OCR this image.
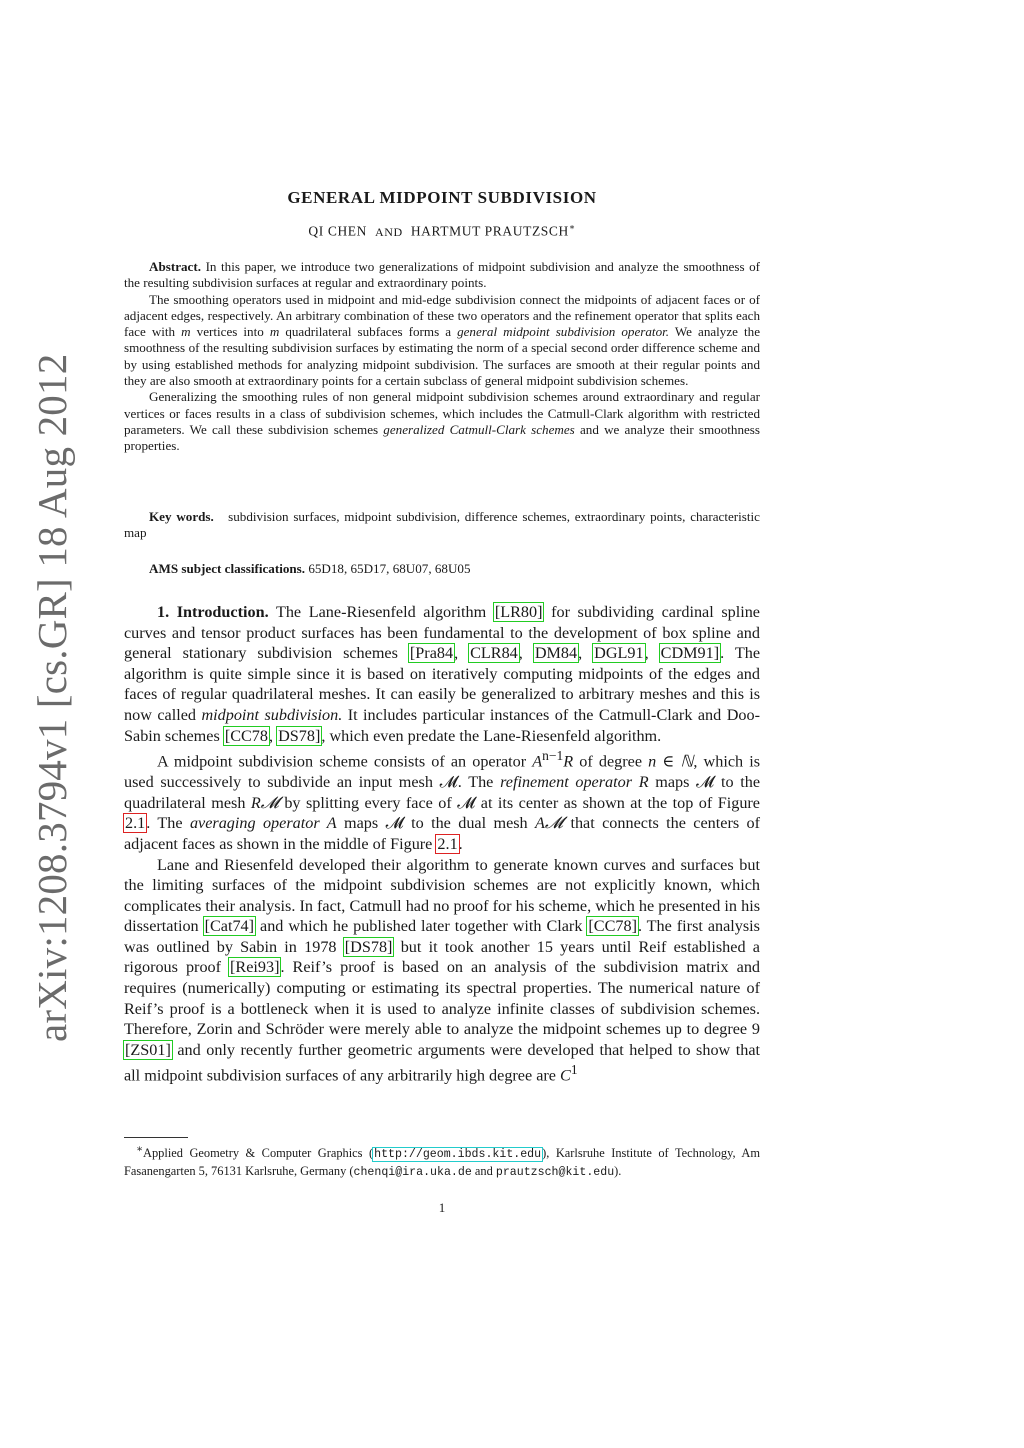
arXiv:1208.3794v1 [cs.GR] 18 Aug 2012
GENERAL MIDPOINT SUBDIVISION
QI CHEN AND HARTMUT PRAUTZSCH∗

Abstract. In this paper, we introduce two generalizations of midpoint subdivision and analyze the smoothness of the resulting subdivision surfaces at regular and extraordinary points.

The smoothing operators used in midpoint and mid-edge subdivision connect the midpoints of adjacent faces or of adjacent edges, respectively. An arbitrary combination of these two operators and the refinement operator that splits each face with m vertices into m quadrilateral subfaces forms a general midpoint subdivision operator. We analyze the smoothness of the resulting subdivision surfaces by estimating the norm of a special second order difference scheme and by using established methods for analyzing midpoint subdivision. The surfaces are smooth at their regular points and they are also smooth at extraordinary points for a certain subclass of general midpoint subdivision schemes.

Generalizing the smoothing rules of non general midpoint subdivision schemes around extraordinary and regular vertices or faces results in a class of subdivision schemes, which includes the Catmull-Clark algorithm with restricted parameters. We call these subdivision schemes generalized Catmull-Clark schemes and we analyze their smoothness properties.

Key words. subdivision surfaces, midpoint subdivision, difference schemes, extraordinary points, characteristic map

AMS subject classifications. 65D18, 65D17, 68U07, 68U05

1. Introduction. The Lane-Riesenfeld algorithm [LR80] for subdividing cardinal spline curves and tensor product surfaces has been fundamental to the development of box spline and general stationary subdivision schemes [Pra84, CLR84, DM84, DGL91, CDM91]. The algorithm is quite simple since it is based on iteratively computing midpoints of the edges and faces of regular quadrilateral meshes. It can easily be generalized to arbitrary meshes and this is now called midpoint subdivision. It includes particular instances of the Catmull-Clark and Doo-Sabin schemes [CC78, DS78], which even predate the Lane-Riesenfeld algorithm.

A midpoint subdivision scheme consists of an operator $A^{n-1}R$ of degree n ∈ ℕ, which is used successively to subdivide an input mesh 𝓜. The refinement operator R maps 𝓜 to the quadrilateral mesh R𝓜 by splitting every face of 𝓜 at its center as shown at the top of Figure 2.1. The averaging operator A maps 𝓜 to the dual mesh A𝓜 that connects the centers of adjacent faces as shown in the middle of Figure 2.1.

Lane and Riesenfeld developed their algorithm to generate known curves and surfaces but the limiting surfaces of the midpoint subdivision schemes are not explicitly known, which complicates their analysis. In fact, Catmull had no proof for his scheme, which he presented in his dissertation [Cat74] and which he published later together with Clark [CC78]. The first analysis was outlined by Sabin in 1978 [DS78] but it took another 15 years until Reif established a rigorous proof [Rei93]. Reif’s proof is based on an analysis of the subdivision matrix and requires (numerically) computing or estimating its spectral properties. The numerical nature of Reif’s proof is a bottleneck when it is used to analyze infinite classes of subdivision schemes. Therefore, Zorin and Schröder were merely able to analyze the midpoint schemes up to degree 9 [ZS01] and only recently further geometric arguments were developed that helped to show that all midpoint subdivision surfaces of any arbitrarily high degree are $C^1$

∗Applied Geometry & Computer Graphics (http://geom.ibds.kit.edu), Karlsruhe Institute of Technology, Am Fasanengarten 5, 76131 Karlsruhe, Germany (chenqi@ira.uka.de and prautzsch@kit.edu).

1
